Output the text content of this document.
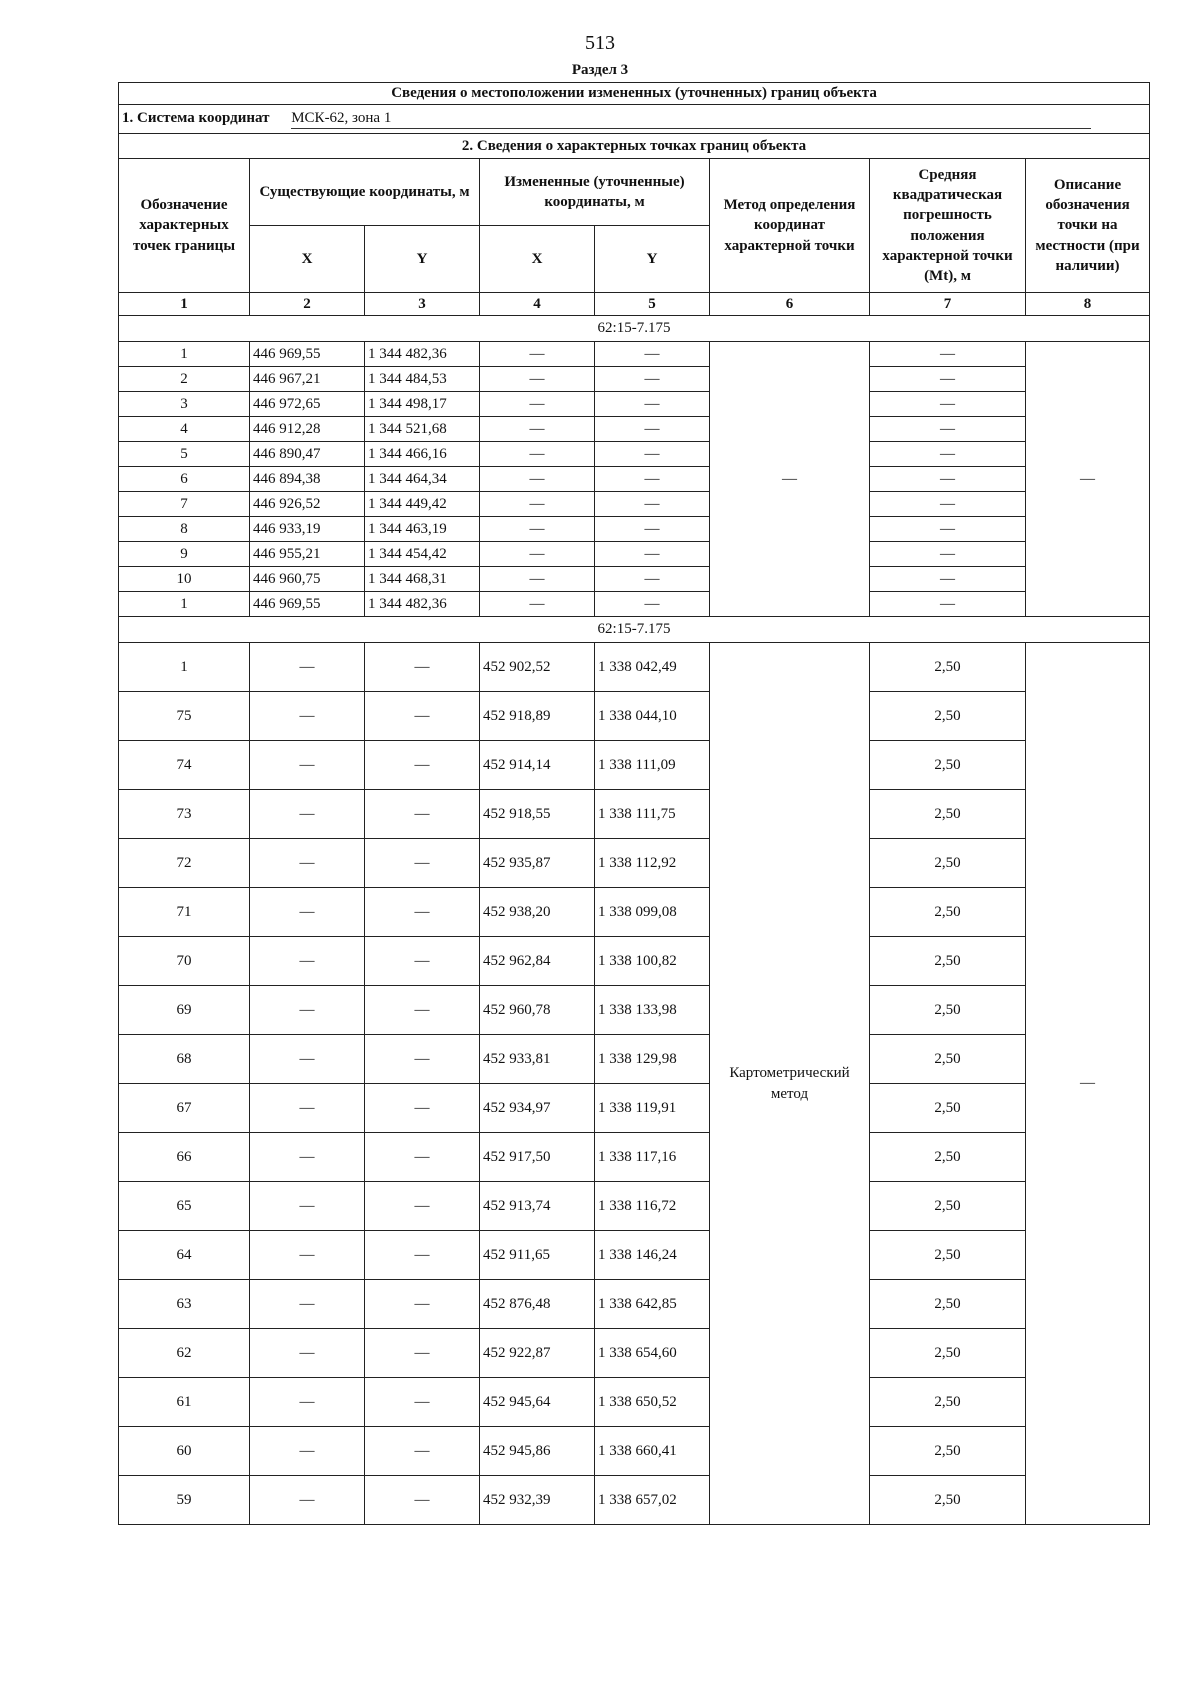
513
Раздел 3
Сведения о местоположении измененных (уточненных) границ объекта							
1. Система координат МСК-62, зона 1							
2. Сведения о характерных точках границ объекта							
Обозначение характерных точек границы	Существующие координаты, м		Измененные (уточненные) координаты, м		Метод определения координат характерной точки	Средняя квадратическая погрешность положения характерной точки (Mt), м	Описание обозначения точки на местности (при наличии)
	X	Y	X	Y			
1	2	3	4	5	6	7	8
62:15-7.175							
1	446 969,55	1 344 482,36	—	—	—	—	—
2	446 967,21	1 344 484,53	—	—		—	
3	446 972,65	1 344 498,17	—	—		—	
4	446 912,28	1 344 521,68	—	—		—	
5	446 890,47	1 344 466,16	—	—		—	
6	446 894,38	1 344 464,34	—	—		—	
7	446 926,52	1 344 449,42	—	—		—	
8	446 933,19	1 344 463,19	—	—		—	
9	446 955,21	1 344 454,42	—	—		—	
10	446 960,75	1 344 468,31	—	—		—	
1	446 969,55	1 344 482,36	—	—		—	
62:15-7.175							
1	—	—	452 902,52	1 338 042,49	Картометрический метод	2,50	—
75	—	—	452 918,89	1 338 044,10		2,50	
74	—	—	452 914,14	1 338 111,09		2,50	
73	—	—	452 918,55	1 338 111,75		2,50	
72	—	—	452 935,87	1 338 112,92		2,50	
71	—	—	452 938,20	1 338 099,08		2,50	
70	—	—	452 962,84	1 338 100,82		2,50	
69	—	—	452 960,78	1 338 133,98		2,50	
68	—	—	452 933,81	1 338 129,98		2,50	
67	—	—	452 934,97	1 338 119,91		2,50	
66	—	—	452 917,50	1 338 117,16		2,50	
65	—	—	452 913,74	1 338 116,72		2,50	
64	—	—	452 911,65	1 338 146,24		2,50	
63	—	—	452 876,48	1 338 642,85		2,50	
62	—	—	452 922,87	1 338 654,60		2,50	
61	—	—	452 945,64	1 338 650,52		2,50	
60	—	—	452 945,86	1 338 660,41		2,50	
59	—	—	452 932,39	1 338 657,02		2,50	
